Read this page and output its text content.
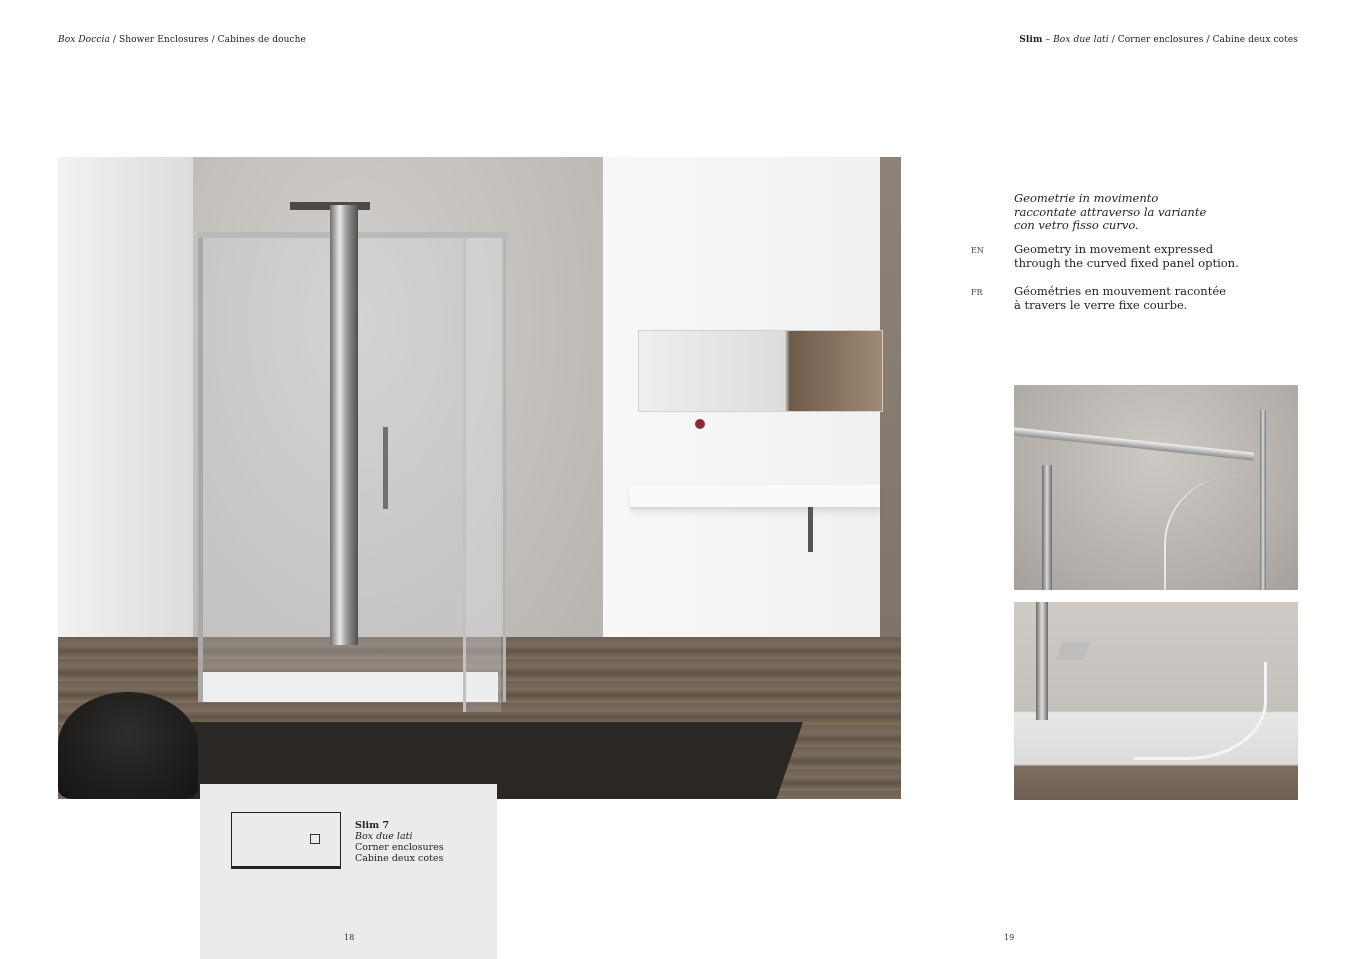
Box Doccia / Shower Enclosures / Cabines de douche	Slim – Box due lati / Corner enclosures / Cabine deux cotes
Slim 7
Box due lati
Corner enclosures
Cabine deux cotes
18	19
Geometrie in movimento
raccontate attraverso la variante
con vetro fisso curvo.
EN	Geometry in movement expressed
through the curved fixed panel option.
FR	Géométries en mouvement racontée
à travers le verre fixe courbe.
